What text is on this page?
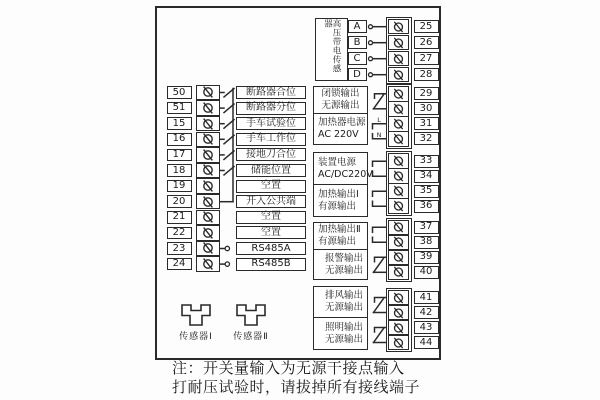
L
N
50	断路器合位
51	断路器分位
15	手车试验位
16	手车工作位
17	接地刀合位
18	储能位置
19	空置
20	开入公共端
21	空置
22	空置
23	RS485A
24	RS485B
高压带电传感器	A
B
C
D
25
26
27
28
29
30
31
32
33
34
35
36
37
38
39
40
41
42
43
44
闭锁输出
无源输出
加热器电源
AC 220V
装置电源
AC/DC220V
加热输出Ⅰ
有源输出
加热输出Ⅱ
有源输出
报警输出
无源输出
排风输出
无源输出
照明输出
无源输出
传感器Ⅰ	传感器Ⅱ
注：开关量输入为无源干接点输入
打耐压试验时，请拔掉所有接线端子
